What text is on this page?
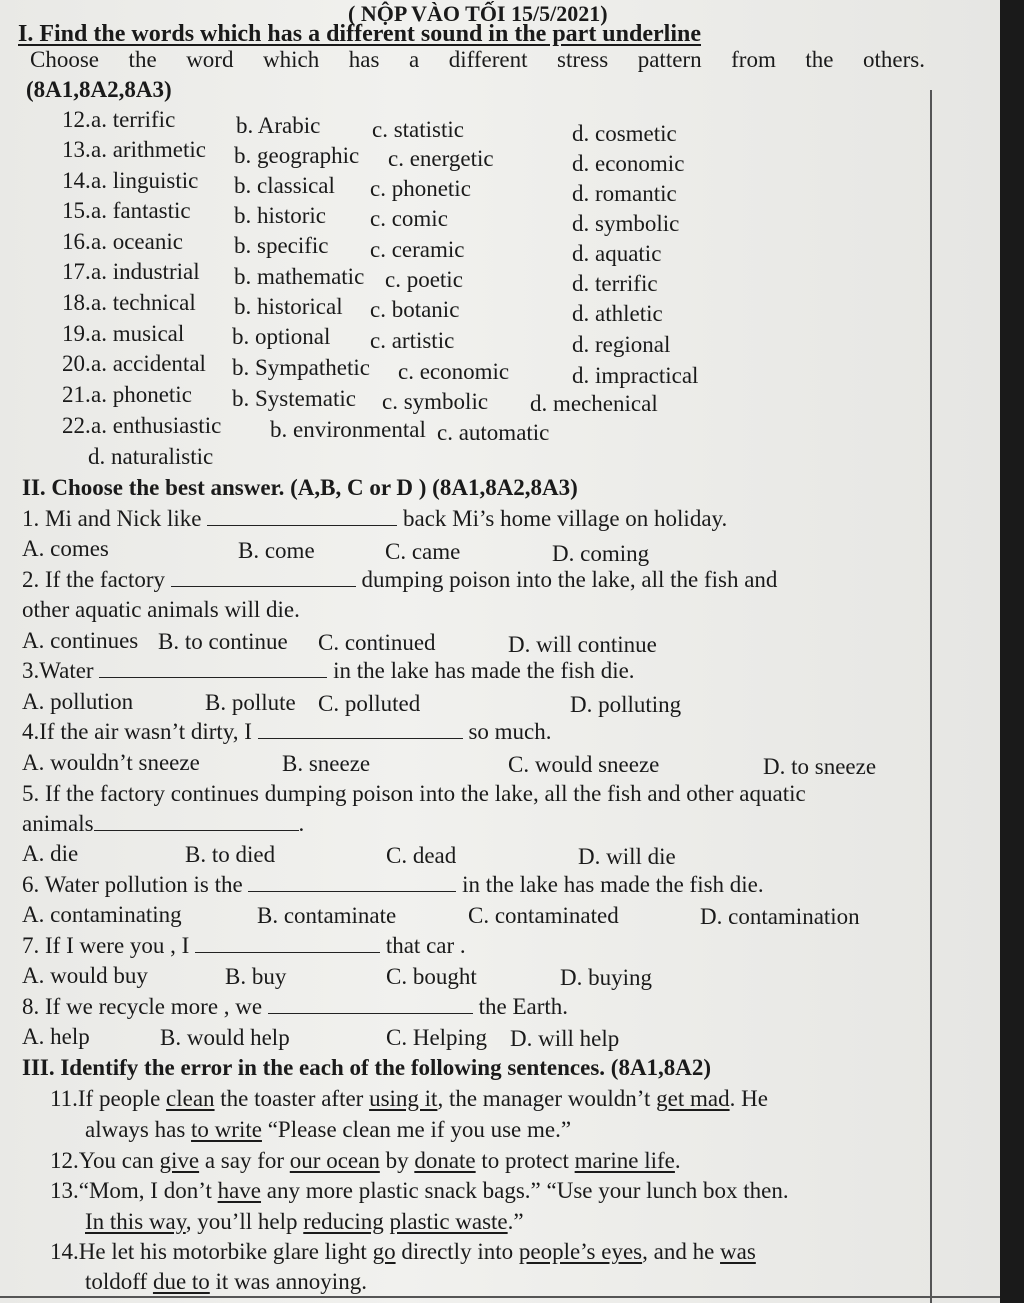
( NỘP VÀO TỐI 15/5/2021)
I. Find the words which has a different sound in the part underline
Choose the word which has a different stress pattern from the others.
(8A1,8A2,8A3)
12. a. terrific	b. Arabic c. statistic	d. cosmetic
13. a. arithmetic b. geographic c. energetic	d. economic
14. a. linguistic b. classical c. phonetic	d. romantic
15. a. fantastic b. historic c. comic	d. symbolic
16. a. oceanic b. specific c. ceramic	d. aquatic
17. a. industrial b. mathematic c. poetic	d. terrific
18. a. technical b. historical c. botanic	d. athletic
19. a. musical b. optional c. artistic	d. regional
20. a. accidental b. Sympathetic c. economic	d. impractical
21. a. phonetic b. Systematic c. symbolic d. mechenical
22. a. enthusiastic b. environmental c. automatic
d. naturalistic
II. Choose the best answer. (A,B, C or D ) (8A1,8A2,8A3)
1. Mi and Nick like	back Mi’s home village on holiday.
A. comes	B. come	C. came	D. coming
2. If the factory	dumping poison into the lake, all the fish and
other aquatic animals will die.
A. continues B. to continue C. continued	D. will continue
3.Water	in the lake has made the fish die.
A. pollution	B. pollute C. polluted	D. polluting
4.If the air wasn’t dirty, I	so much.
A. wouldn’t sneeze	B. sneeze	C. would sneeze	D. to sneeze
5. If the factory continues dumping poison into the lake, all the fish and other aquatic
animals	.
A. die	B. to died	C. dead	D. will die
6. Water pollution is the	in the lake has made the fish die.
A. contaminating	B. contaminate	C. contaminated	D. contamination
7. If I were you , I	that car .
A. would buy	B. buy	C. bought	D. buying
8. If we recycle more , we	the Earth.
A. help	B. would help	C. Helping D. will help
III. Identify the error in the each of the following sentences. (8A1,8A2)
11.If people clean the toaster after using it, the manager wouldn’t get mad. He
always has to write “Please clean me if you use me.”
12.You can give a say for our ocean by donate to protect marine life.
13.“Mom, I don’t have any more plastic snack bags.” “Use your lunch box then.
In this way, you’ll help reducing plastic waste.”
14.He let his motorbike glare light go directly into people’s eyes, and he was
toldoff due to it was annoying.
